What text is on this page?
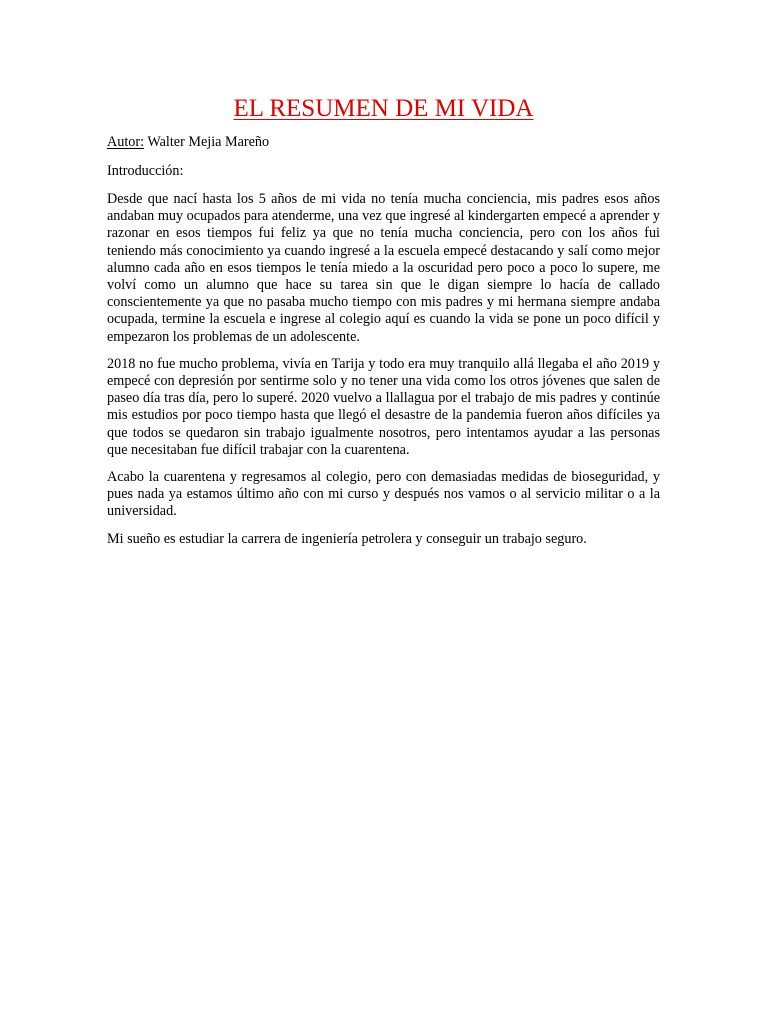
EL RESUMEN DE MI VIDA
Autor: Walter Mejia Mareño
Introducción:

Desde que nací hasta los 5 años de mi vida no tenía mucha conciencia, mis padres esos años andaban muy ocupados para atenderme, una vez que ingresé al kindergarten empecé a aprender y razonar en esos tiempos fui feliz ya que no tenía mucha conciencia, pero con los años fui teniendo más conocimiento ya cuando ingresé a la escuela empecé destacando y salí como mejor alumno cada año en esos tiempos le tenía miedo a la oscuridad pero poco a poco lo supere, me volví como un alumno que hace su tarea sin que le digan siempre lo hacía de callado conscientemente ya que no pasaba mucho tiempo con mis padres y mi hermana siempre andaba ocupada, termine la escuela e ingrese al colegio aquí es cuando la vida se pone un poco difícil y empezaron los problemas de un adolescente.

2018 no fue mucho problema, vivía en Tarija y todo era muy tranquilo allá llegaba el año 2019 y empecé con depresión por sentirme solo y no tener una vida como los otros jóvenes que salen de paseo día tras día, pero lo superé. 2020 vuelvo a llallagua por el trabajo de mis padres y continúe mis estudios por poco tiempo hasta que llegó el desastre de la pandemia fueron años difíciles ya que todos se quedaron sin trabajo igualmente nosotros, pero intentamos ayudar a las personas que necesitaban fue difícil trabajar con la cuarentena.

Acabo la cuarentena y regresamos al colegio, pero con demasiadas medidas de bioseguridad, y pues nada ya estamos último año con mi curso y después nos vamos o al servicio militar o a la universidad.

Mi sueño es estudiar la carrera de ingeniería petrolera y conseguir un trabajo seguro.
